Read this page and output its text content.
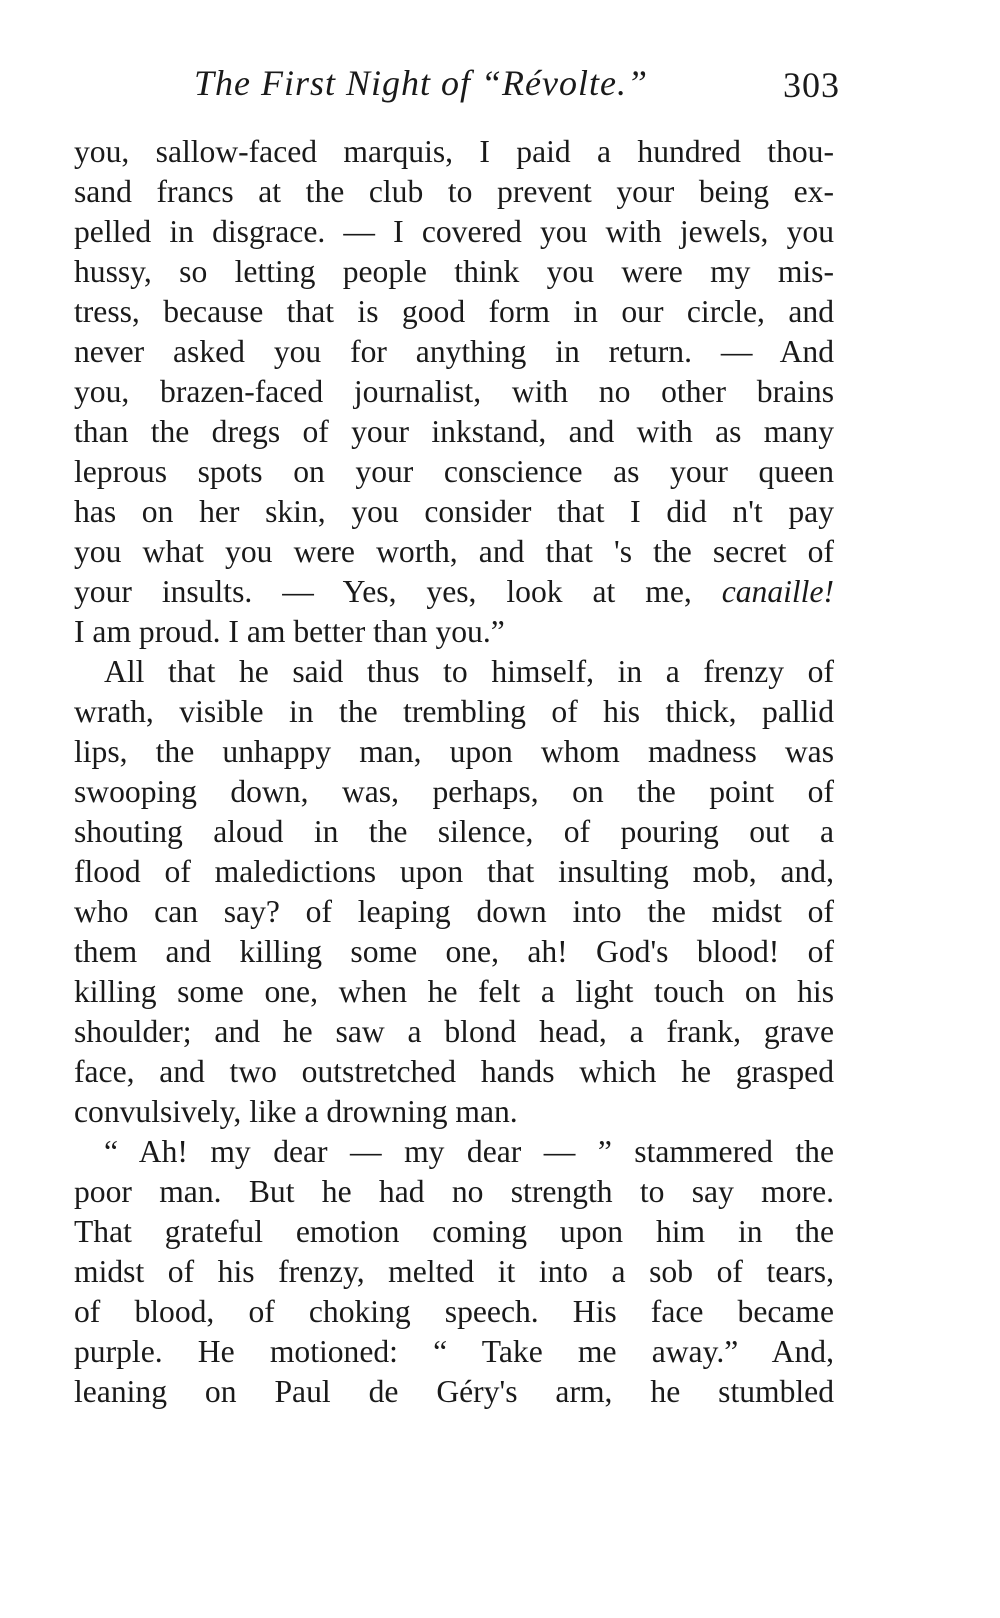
The First Night of “Révolte.”	303
you, sallow-faced marquis, I paid a hundred thou-
sand francs at the club to prevent your being ex-
pelled in disgrace. — I covered you with jewels, you
hussy, so letting people think you were my mis-
tress, because that is good form in our circle, and
never asked you for anything in return. — And
you, brazen-faced journalist, with no other brains
than the dregs of your inkstand, and with as many
leprous spots on your conscience as your queen
has on her skin, you consider that I did n't pay
you what you were worth, and that 's the secret of
your insults. — Yes, yes, look at me, canaille!
I am proud. I am better than you.”
All that he said thus to himself, in a frenzy of
wrath, visible in the trembling of his thick, pallid
lips, the unhappy man, upon whom madness was
swooping down, was, perhaps, on the point of
shouting aloud in the silence, of pouring out a
flood of maledictions upon that insulting mob, and,
who can say? of leaping down into the midst of
them and killing some one, ah! God's blood! of
killing some one, when he felt a light touch on his
shoulder; and he saw a blond head, a frank, grave
face, and two outstretched hands which he grasped
convulsively, like a drowning man.
“ Ah! my dear — my dear — ” stammered the
poor man. But he had no strength to say more.
That grateful emotion coming upon him in the
midst of his frenzy, melted it into a sob of tears,
of blood, of choking speech. His face became
purple. He motioned: “ Take me away.” And,
leaning on Paul de Géry's arm, he stumbled
